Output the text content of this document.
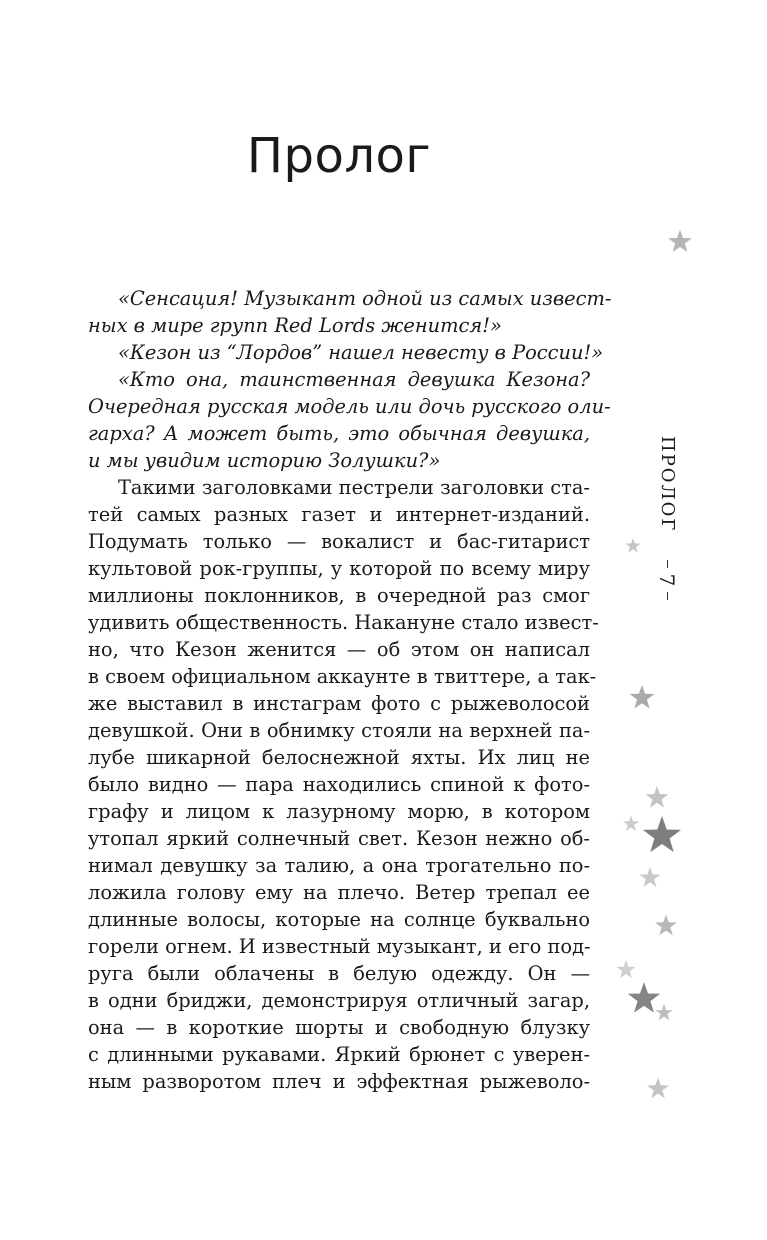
Пролог
«Сенсация! Музыкант одной из самых извест-
ных в мире групп Red Lords женится!»
«Кезон из “Лордов” нашел невесту в России!»
«Кто она, таинственная девушка Кезона?
Очередная русская модель или дочь русского оли-
гарха? А может быть, это обычная девушка,
и мы увидим историю Золушки?»
Такими заголовками пестрели заголовки ста-
тей самых разных газет и интернет-изданий.
Подумать только — вокалист и бас-гитарист
культовой рок-группы, у которой по всему миру
миллионы поклонников, в очередной раз смог
удивить общественность. Накануне стало извест-
но, что Кезон женится — об этом он написал
в своем официальном аккаунте в твиттере, а так-
же выставил в инстаграм фото с рыжеволосой
девушкой. Они в обнимку стояли на верхней па-
лубе шикарной белоснежной яхты. Их лиц не
было видно — пара находились спиной к фото-
графу и лицом к лазурному морю, в котором
утопал яркий солнечный свет. Кезон нежно об-
нимал девушку за талию, а она трогательно по-
ложила голову ему на плечо. Ветер трепал ее
длинные волосы, которые на солнце буквально
горели огнем. И известный музыкант, и его под-
руга были облачены в белую одежду. Он —
в одни бриджи, демонстрируя отличный загар,
она — в короткие шорты и свободную блузку
с длинными рукавами. Яркий брюнет с уверен-
ным разворотом плеч и эффектная рыжеволо-
ПРОЛОГ
7
